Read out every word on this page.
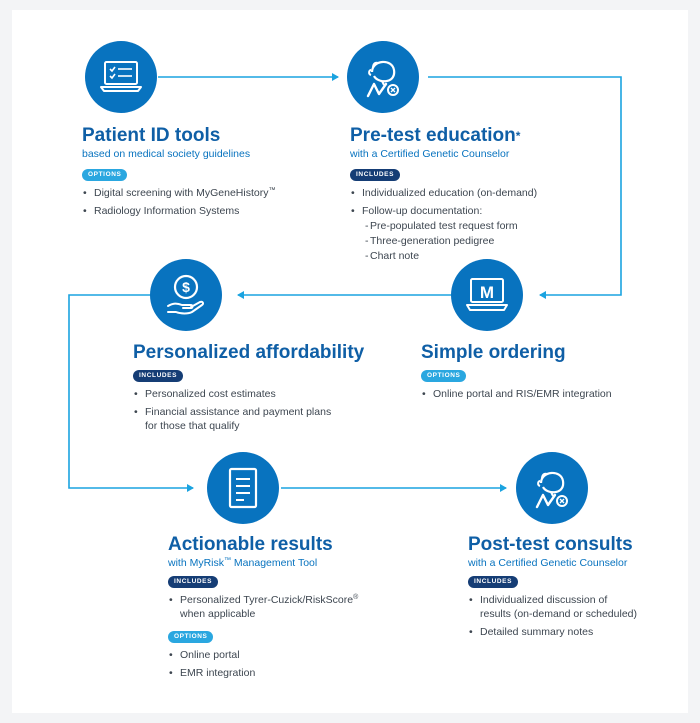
$	M
Patient ID tools
based on medical society guidelines
OPTIONS
• Digital screening with MyGeneHistory™
• Radiology Information Systems
Pre-test education*
with a Certified Genetic Counselor
INCLUDES
• Individualized education (on-demand)
• Follow-up documentation:
- Pre-populated test request form
- Three-generation pedigree
- Chart note
Personalized affordability
INCLUDES
• Personalized cost estimates
• Financial assistance and payment plans
for those that qualify
Simple ordering
OPTIONS
• Online portal and RIS/EMR integration
Actionable results
with MyRisk™ Management Tool
INCLUDES
• Personalized Tyrer-Cuzick/RiskScore®
when applicable
OPTIONS
• Online portal
• EMR integration
Post-test consults
with a Certified Genetic Counselor
INCLUDES
• Individualized discussion of
results (on-demand or scheduled)
• Detailed summary notes
